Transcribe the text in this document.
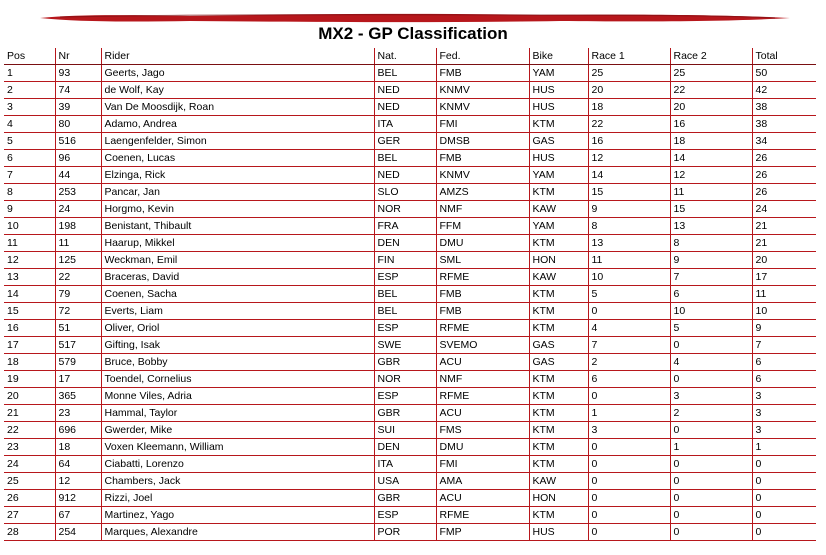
MX2 - GP Classification
Pos	Nr	Rider	Nat.	Fed.	Bike	Race 1	Race 2	Total
1	93	Geerts, Jago	BEL	FMB	YAM	25	25	50
2	74	de Wolf, Kay	NED	KNMV	HUS	20	22	42
3	39	Van De Moosdijk, Roan	NED	KNMV	HUS	18	20	38
4	80	Adamo, Andrea	ITA	FMI	KTM	22	16	38
5	516	Laengenfelder, Simon	GER	DMSB	GAS	16	18	34
6	96	Coenen, Lucas	BEL	FMB	HUS	12	14	26
7	44	Elzinga, Rick	NED	KNMV	YAM	14	12	26
8	253	Pancar, Jan	SLO	AMZS	KTM	15	11	26
9	24	Horgmo, Kevin	NOR	NMF	KAW	9	15	24
10	198	Benistant, Thibault	FRA	FFM	YAM	8	13	21
11	11	Haarup, Mikkel	DEN	DMU	KTM	13	8	21
12	125	Weckman, Emil	FIN	SML	HON	11	9	20
13	22	Braceras, David	ESP	RFME	KAW	10	7	17
14	79	Coenen, Sacha	BEL	FMB	KTM	5	6	11
15	72	Everts, Liam	BEL	FMB	KTM	0	10	10
16	51	Oliver, Oriol	ESP	RFME	KTM	4	5	9
17	517	Gifting, Isak	SWE	SVEMO	GAS	7	0	7
18	579	Bruce, Bobby	GBR	ACU	GAS	2	4	6
19	17	Toendel, Cornelius	NOR	NMF	KTM	6	0	6
20	365	Monne Viles, Adria	ESP	RFME	KTM	0	3	3
21	23	Hammal, Taylor	GBR	ACU	KTM	1	2	3
22	696	Gwerder, Mike	SUI	FMS	KTM	3	0	3
23	18	Voxen Kleemann, William	DEN	DMU	KTM	0	1	1
24	64	Ciabatti, Lorenzo	ITA	FMI	KTM	0	0	0
25	12	Chambers, Jack	USA	AMA	KAW	0	0	0
26	912	Rizzi, Joel	GBR	ACU	HON	0	0	0
27	67	Martinez, Yago	ESP	RFME	KTM	0	0	0
28	254	Marques, Alexandre	POR	FMP	HUS	0	0	0
